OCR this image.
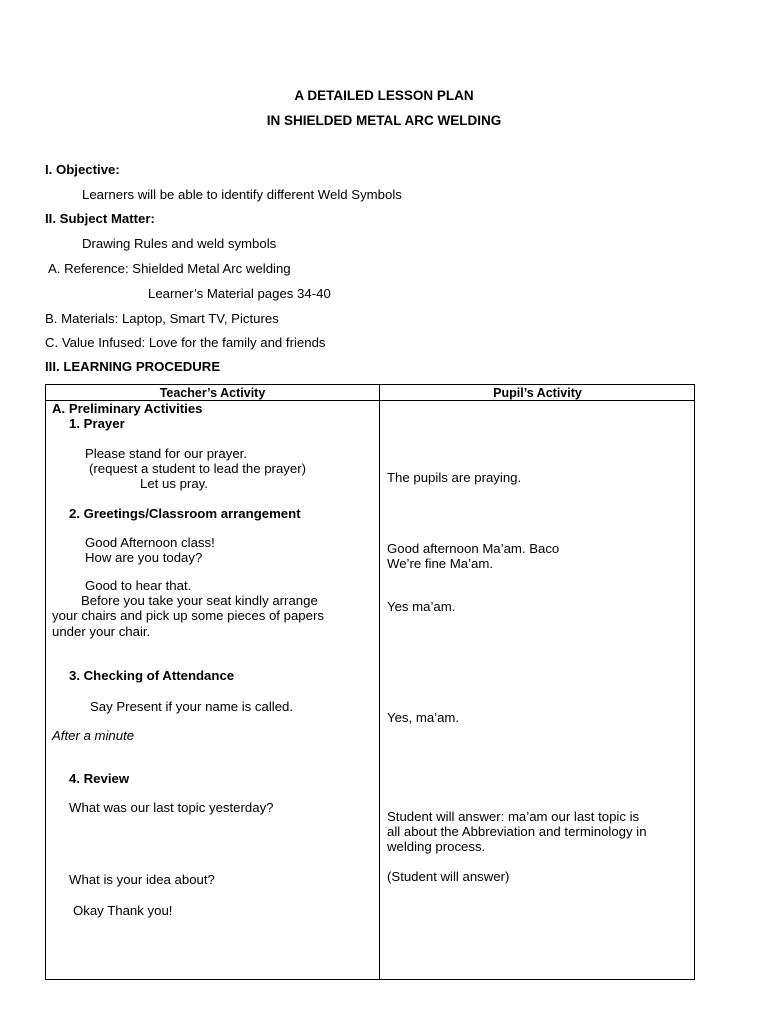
A DETAILED LESSON PLAN
IN SHIELDED METAL ARC WELDING
I. Objective:
Learners will be able to identify different Weld Symbols
II. Subject Matter:
Drawing Rules and weld symbols
A. Reference: Shielded Metal Arc welding
Learner’s Material pages 34-40
B. Materials: Laptop, Smart TV, Pictures
C. Value Infused: Love for the family and friends
III. LEARNING PROCEDURE
Teacher’s Activity	Pupil’s Activity
A. Preliminary Activities
1. Prayer
Please stand for our prayer.
(request a student to lead the prayer)
Let us pray.
2. Greetings/Classroom arrangement
Good Afternoon class!
How are you today?
Good to hear that.
Before you take your seat kindly arrange
your chairs and pick up some pieces of papers
under your chair.
3. Checking of Attendance
Say Present if your name is called.
After a minute
4. Review
What was our last topic yesterday?
What is your idea about?
Okay Thank you!
The pupils are praying.
Good afternoon Ma’am. Baco
We’re fine Ma’am.
Yes ma’am.
Yes, ma’am.
Student will answer: ma’am our last topic is
all about the Abbreviation and terminology in
welding process.
(Student will answer)
